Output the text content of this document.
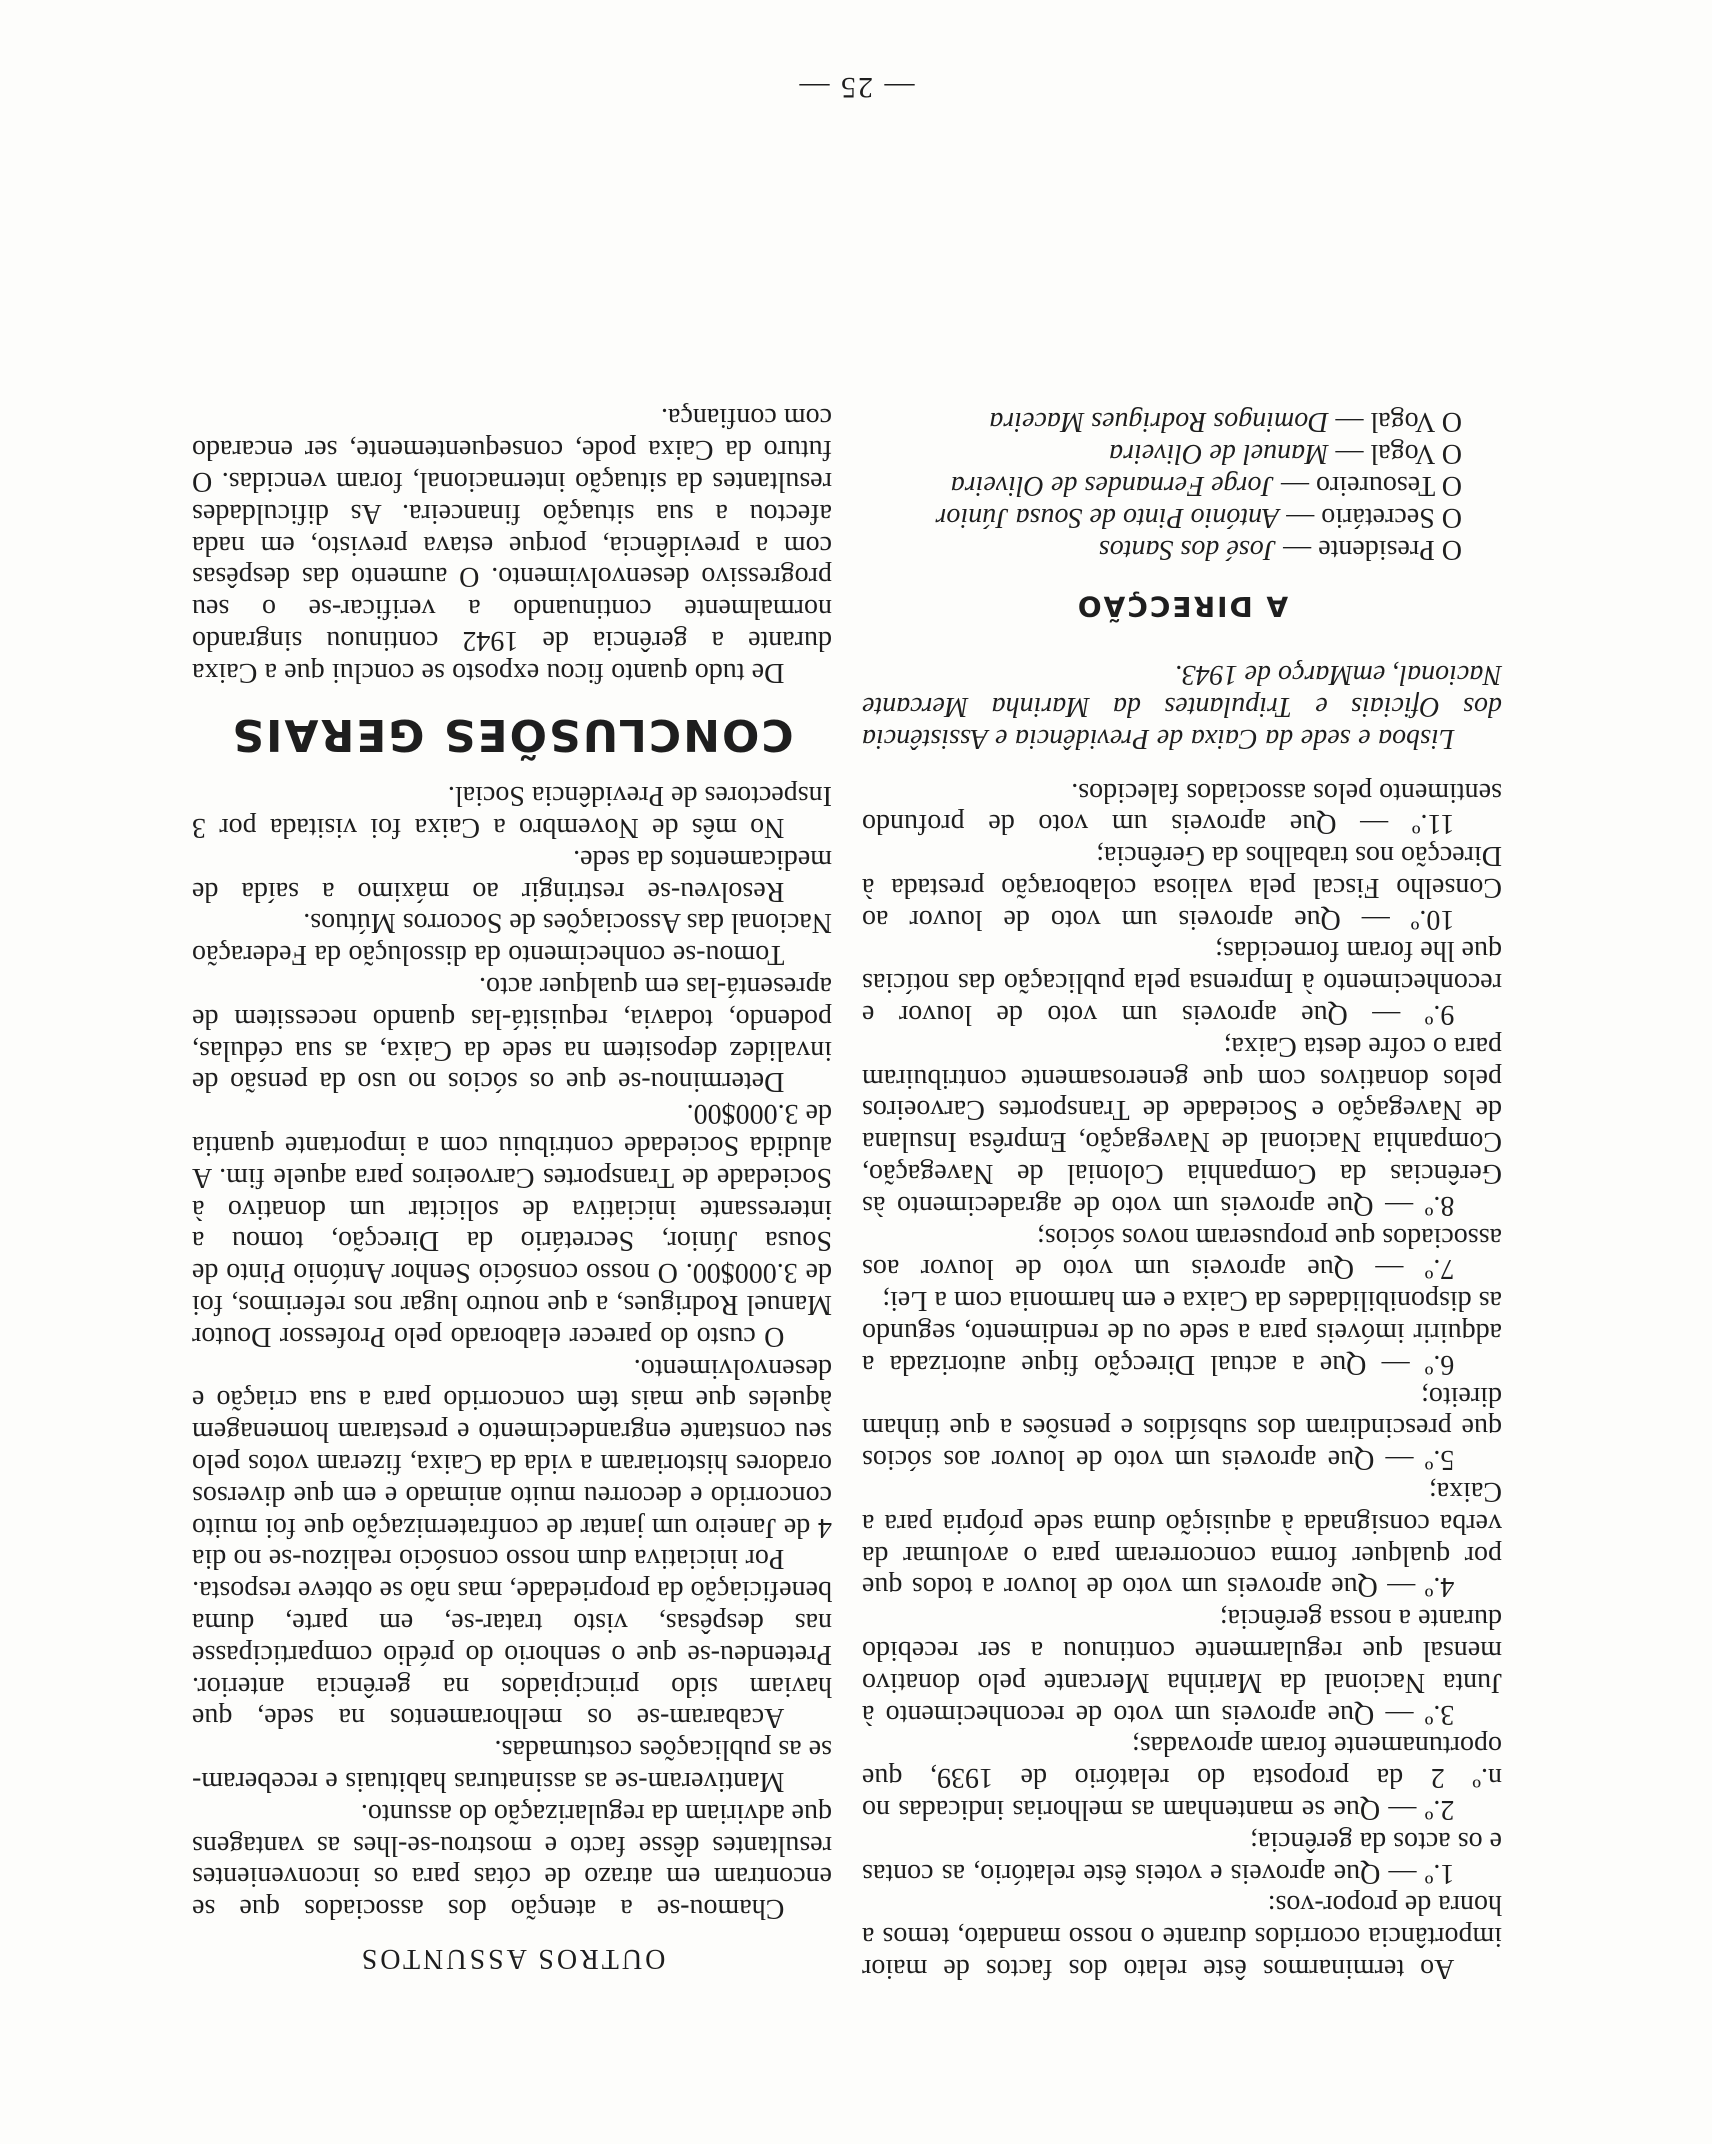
Ao terminarmos êste relato dos factos de maior importância ocorridos durante o nosso mandato, temos a honra de propor-vos:

1.º — Que aproveis e voteis êste relatório, as contas e os actos da gerência;

2.º — Que se mantenham as melhorias indicadas no n.º 2 da proposta do relatório de 1939, que oportunamente foram aprovadas;

3.º — Que aproveis um voto de reconhecimento à Junta Nacional da Marinha Mercante pelo donativo mensal que regularmente continuou a ser recebido durante a nossa gerência;

4.º — Que aproveis um voto de louvor a todos que por qualquer forma concorreram para o avolumar da verba consignada à aquisição duma sede própria para a Caixa;

5.º — Que aproveis um voto de louvor aos sócios que prescindiram dos subsídios e pensões a que tinham direito;

6.º — Que a actual Direcção fique autorizada a adquirir imóveis para a sede ou de rendimento, segundo as disponibilidades da Caixa e em harmonia com a Lei;

7.º — Que aproveis um voto de louvor aos associados que propuseram novos sócios;

8.º — Que aproveis um voto de agradecimento às Gerências da Companhia Colonial de Navegação, Companhia Nacional de Navegação, Emprêsa Insulana de Navegação e Sociedade de Transportes Carvoeiros pelos donativos com que generosamente contribuiram para o cofre desta Caixa;

9.º — Que aproveis um voto de louvor e reconhecimento à Imprensa pela publicação das notícias que lhe foram fornecidas;

10.º — Que aproveis um voto de louvor ao Conselho Fiscal pela valiosa colaboração prestada à Direcção nos trabalhos da Gerência;

11.º — Que aproveis um voto de profundo sentimento pelos associados falecidos.

Lisboa e sede da Caixa de Previdência e Assistência dos Oficiais e Tripulantes da Marinha Mercante Nacional, emMarço de 1943.

A DIRECÇÃO

O Presidente — José dos Santos

O Secretário — António Pinto de Sousa Júnior

O Tesoureiro — Jorge Fernandes de Oliveira

O Vogal — Manuel de Oliveira

O Vogal — Domingos Rodrigues Maceira

OUTROS ASSUNTOS

Chamou-se a atenção dos associados que se encontram em atrazo de cótas para os inconvenientes resultantes dêsse facto e mostrou-se-lhes as vantagens que adviriam da regularização do assunto.

Mantiveram-se as assinaturas habituais e receberam-se as publicações costumadas.

Acabaram-se os melhoramentos na sede, que haviam sido principiados na gerência anterior. Pretendeu-se que o senhorio do prédio comparticipasse nas despêsas, visto tratar-se, em parte, duma beneficiação da propriedade, mas não se obteve resposta.

Por iniciativa dum nosso consócio realizou-se no dia 4 de Janeiro um jantar de confraternização que foi muito concorrido e decorreu muito animado e em que diversos oradores historiaram a vida da Caixa, fizeram votos pelo seu constante engrandecimento e prestaram homenagem àqueles que mais têm concorrido para a sua criação e desenvolvimento.

O custo do parecer elaborado pelo Professor Doutor Manuel Rodrigues, a que noutro lugar nos referimos, foi de 3.000$00. O nosso consócio Senhor António Pinto de Sousa Júnior, Secretário da Direcção, tomou a interessante iniciativa de solicitar um donativo à Sociedade de Transportes Carvoeiros para aquele fim. A aludida Sociedade contribuiu com a importante quantia de 3.000$00.

Determinou-se que os sócios no uso da pensão de invalidez depositem na sede da Caixa, as sua cédulas, podendo, todavia, requisitá-las quando necessitem de apresentá-las em qualquer acto.

Tomou-se conhecimento da dissolução da Federação Nacional das Associações de Socorros Mútuos.

Resolveu-se restringir ao máximo a saída de medicamentos da sede.

No mês de Novembro a Caixa foi visitada por 3 Inspectores de Previdência Social.

CONCLUSÕES GERAIS

De tudo quanto ficou exposto se conclui que a Caixa durante a gerência de 1942 continuou singrando normalmente continuando a verificar-se o seu progressivo desenvolvimento. O aumento das despêsas com a previdência, porque estava previsto, em nada afectou a sua situação financeira. As dificuldades resultantes da situação internacional, foram vencidas. O futuro da Caixa pode, consequentemente, ser encarado com confiança.

— 25 —
